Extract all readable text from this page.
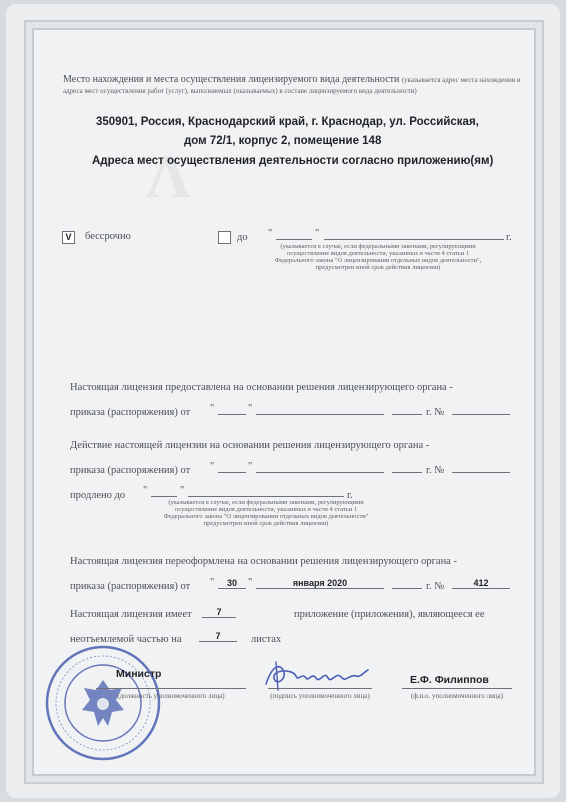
Λ
Место нахождения и места осуществления лицензируемого вида деятельности (указывается адрес места нахождения и адреса мест осуществления работ (услуг), выполняемых (оказываемых) в составе лицензируемого вида деятельности)
350901, Россия, Краснодарский край, г. Краснодар, ул. Российская,
дом 72/1, корпус 2, помещение 148
Адреса мест осуществления деятельности согласно приложению(ям)
V	бессрочно	до "	"	г.
(указывается в случае, если федеральными законами, регулирующими осуществление видов деятельности, указанных в части 4 статьи 1 Федерального закона "О лицензировании отдельных видов деятельности", предусмотрен иной срок действия лицензии)
Настоящая лицензия предоставлена на основании решения лицензирующего органа -
приказа (распоряжения) от "	"	г. №
Действие настоящей лицензии на основании решения лицензирующего органа -
приказа (распоряжения) от "	"	г. №
продлено до "	"	г.
(указывается в случае, если федеральными законами, регулирующими осуществление видов деятельности, указанных в части 4 статьи 1 Федерального закона "О лицензировании отдельных видов деятельности" предусмотрен иной срок действия лицензии)
Настоящая лицензия переоформлена на основании решения лицензирующего органа -
приказа (распоряжения) от "	30	"	января 2020	г. №	412
Настоящая лицензия имеет	7	приложение (приложения), являющееся ее
неотъемлемой частью на	7	листах
Министр
(должность уполномоченного лица)	(подпись уполномоченного лица)
Е.Ф. Филиппов
(ф.и.о. уполномоченного лица)
